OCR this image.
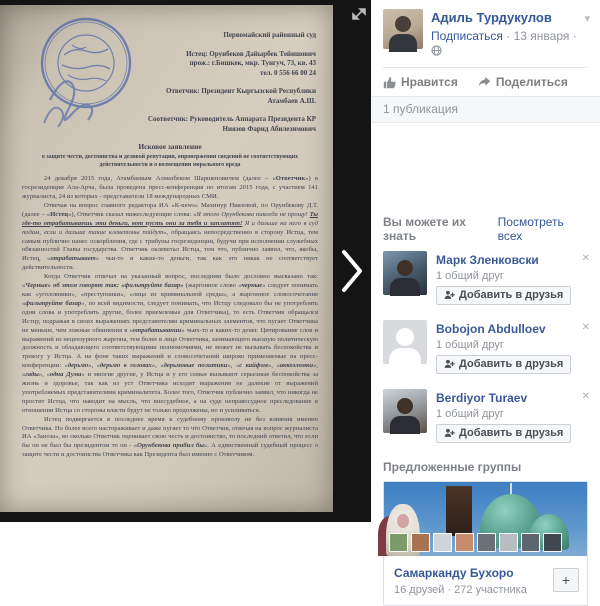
Первомайский районный суд
Истец: Орунбеков Дайырбек Тейишович
прож.: г.Бишкек, мкр. Тунгуч, 73, кв. 43
тел. 0 556 66 00 24
Ответчик: Президент Кыргызской Республики
Атамбаев А.Ш.
Соответчик: Руководитель Аппарата Президента КР
Ниязов Фарид Абилезимович
Исковое заявление
о защите чести, достоинства и деловой репутации, опровержении сведений не соответствующих действительности и о возмещении морального вреда

24 декабря 2015 года, Атамбаевым Алмазбеком Шаршеновичем (далее – «Ответчик») в госрезиденции Ала-Арча, была проведена пресс-конференция по итогам 2015 года, с участием 141 журналиста, 24 из которых - представители 18 международных СМИ.

Отвечая на вопрос главного редактора ИА «К-news» Махинур Ниязовой, по Орунбекову Д.Т. (далее – «Истец»), Ответчик сказал нижеследующие слова: «Я этого Орунбекова никогда не прощу! Ты где-то отрабатываешь эти деньги, вот пусть они за тебя и заплатят! Я и дальше на него в суд подам, если и дальше такие клеветоны пойдут», обращаясь непосредственно в сторону Истца, тем самым публично нанес оскорбления, где с трибуны госрезиденции, будучи при исполнении служебных обязанностей Главы государства. Ответчик оклеветал Истца, тем что, публично заявил, что, якобы, Истец, «отрабатывает» чьи-то и какие-то деньги, так как это никак не соответствует действительности.

Когда Ответчик отвечал на указанный вопрос, последним было дословно высказано так: «Черные» об этом говорят так: «фильтруйте базар» (жаргонное слово «черные» следует понимать как «уголовники», «преступники», «лица из криминальной среды», а жаргонное словосочетание «фильтруйте базар», по всей видимости, следует понимать, что Истцу следовало бы не употреблять одни слова и употреблять другие, более приемлемые для Ответчика), то есть Ответчик обращался Истцу, подражая в своих выражениях представителям криминальных элементов, что пугает Ответчика не меньше, чем ложные обвинения в «отрабатывании» чьих-то и каких-то денег. Цитирование слов и выражений из нецензурного жаргона, тем более в лице Ответчика, занимающего высшую политическую должность и обладающего соответствующими полномочиями, не может не вызывать беспокойства и тревогу у Истца. А на фоне таких выражений и словосочетаний широко применяемые на пресс-конференции: «дерьмо», «дерьмо в головах», «дерьмовые политики», «с кайфом», «аккозломки», «гады», «одна Дума» и многие другие, у Истца и у его семьи вызывают серьезные беспокойства за жизнь и здоровье, так как из уст Ответчика исходят выражения не далекие от выражений употребляемых представителями криминалитета. Более того, Ответчик публично заявил, что никогда не простит Истца, что наводит на мысль, что внесудебное, а на суде неправосудное преследование в отношении Истца со стороны власти будут не только продолжены, но и усиливаться.

Истец подвергается в последнее время к судебному произволу не без влияния именно Ответчика. Но более всего настораживает и даже пугает то что Ответчик, отвечая на вопрос журналиста ИА «Заноза», во сколько Ответчик оценивает свою честь и достоинство, то последний ответил, что если бы он не был бы президентом то он - «Орунбекова прибил бы». А единственный судебный процесс о защите чести и достоинства Ответчика как Президента был именно с Ответчиком.

Адиль Турдукулов
Подписаться · 13 января ·
▾
Нравится	Поделиться
1 публикация
Вы можете их знать
Посмотреть всех
Марк Зленковски
1 общий друг
Добавить в друзья
✕
Bobojon Abdulloev
1 общий друг
Добавить в друзья
✕
Berdiyor Turaev
1 общий друг
Добавить в друзья
✕
Предложенные группы
Самарканду Бухоро
16 друзей · 272 участника
+
